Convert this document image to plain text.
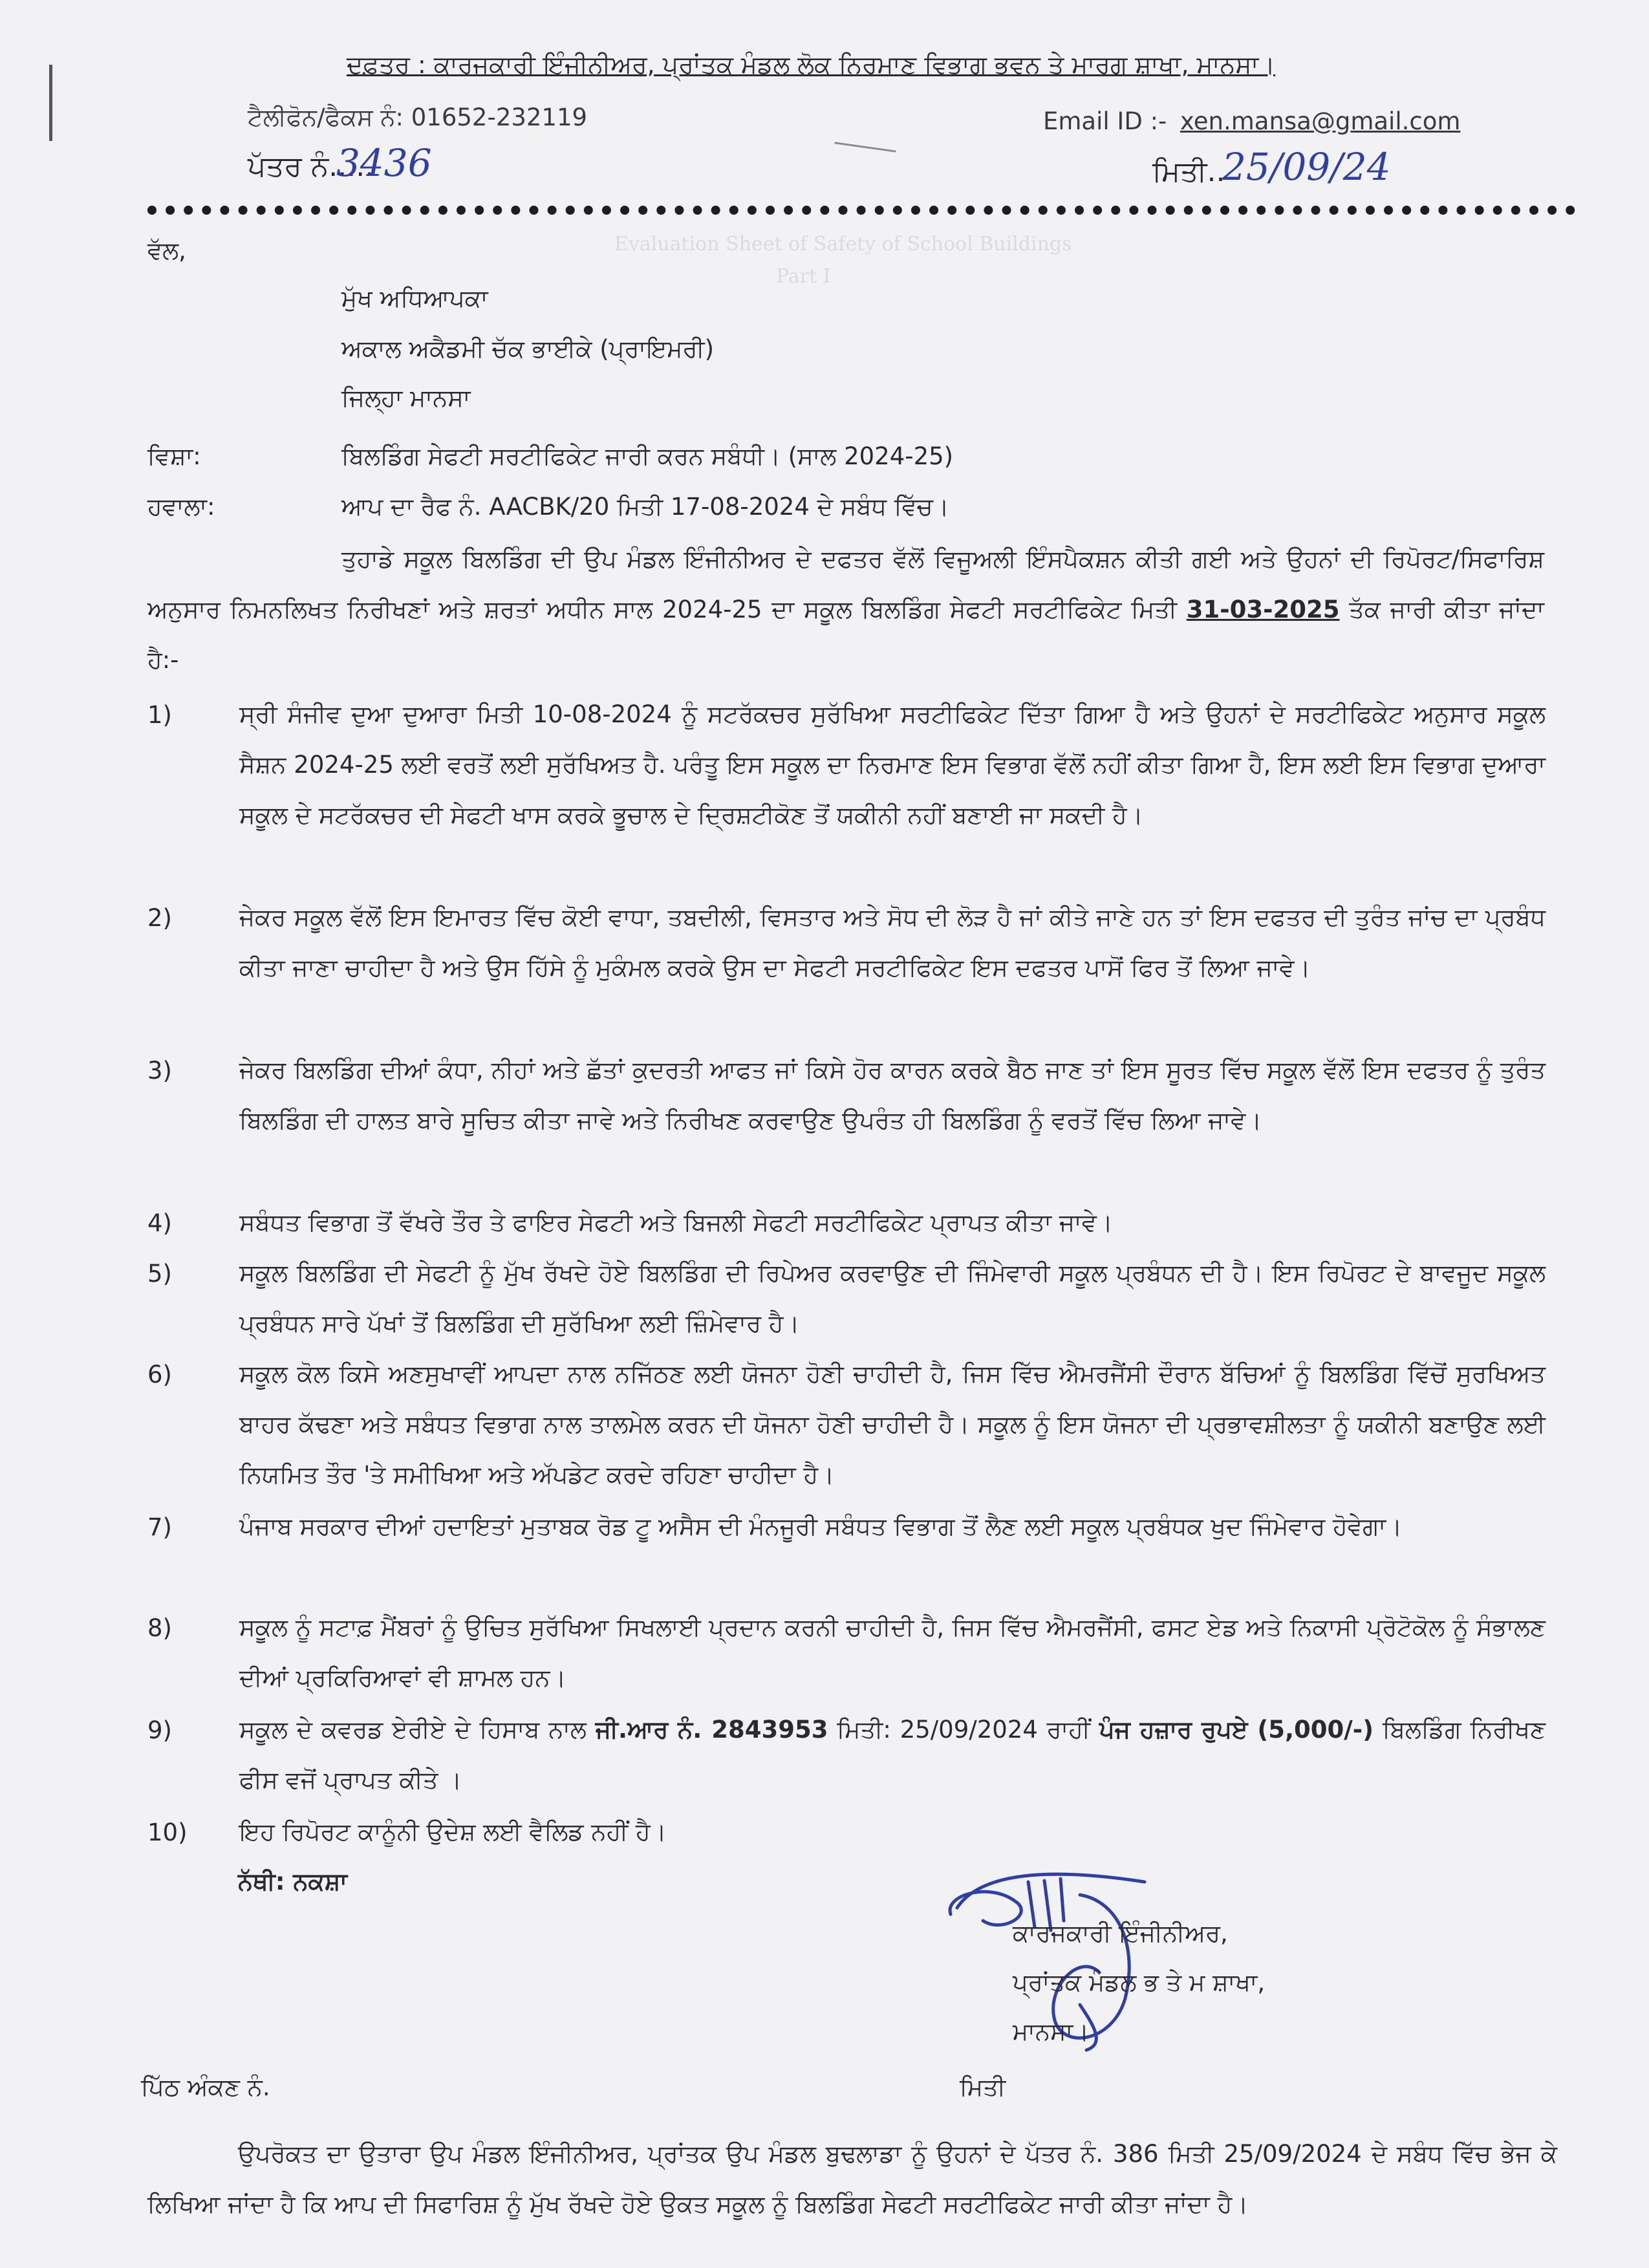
Evaluation Sheet of Safety of School Buildings
Part I
ਦਫ਼ਤਰ : ਕਾਰਜਕਾਰੀ ਇੰਜੀਨੀਅਰ, ਪ੍ਰਾਂਤਕ ਮੰਡਲ ਲੋਕ ਨਿਰਮਾਣ ਵਿਭਾਗ ਭਵਨ ਤੇ ਮਾਰਗ ਸ਼ਾਖਾ, ਮਾਨਸਾ।
ਟੈਲੀਫੋਨ/ਫੈਕਸ ਨੰ: 01652-232119	Email ID :- xen.mansa@gmail.com
ਪੱਤਰ ਨੰ.....
3436	ਮਿਤੀ..
25/09/24
ਵੱਲ,
ਮੁੱਖ ਅਧਿਆਪਕਾ
ਅਕਾਲ ਅਕੈਡਮੀ ਚੱਕ ਭਾਈਕੇ (ਪ੍ਰਾਇਮਰੀ)
ਜਿਲ੍ਹਾ ਮਾਨਸਾ
ਵਿਸ਼ਾ:	ਬਿਲਡਿੰਗ ਸੇਫਟੀ ਸਰਟੀਫਿਕੇਟ ਜਾਰੀ ਕਰਨ ਸਬੰਧੀ। (ਸਾਲ 2024-25)
ਹਵਾਲਾ:	ਆਪ ਦਾ ਰੈਫ ਨੰ. AACBK/20 ਮਿਤੀ 17-08-2024 ਦੇ ਸਬੰਧ ਵਿੱਚ।
ਤੁਹਾਡੇ ਸਕੂਲ ਬਿਲਡਿੰਗ ਦੀ ਉਪ ਮੰਡਲ ਇੰਜੀਨੀਅਰ ਦੇ ਦਫਤਰ ਵੱਲੋਂ ਵਿਜੂਅਲੀ ਇੰਸਪੈਕਸ਼ਨ ਕੀਤੀ ਗਈ ਅਤੇ ਉਹਨਾਂ ਦੀ ਰਿਪੋਰਟ/ਸਿਫਾਰਿਸ਼ ਅਨੁਸਾਰ ਨਿਮਨਲਿਖਤ ਨਿਰੀਖਣਾਂ ਅਤੇ ਸ਼ਰਤਾਂ ਅਧੀਨ ਸਾਲ 2024-25 ਦਾ ਸਕੂਲ ਬਿਲਡਿੰਗ ਸੇਫਟੀ ਸਰਟੀਫਿਕੇਟ ਮਿਤੀ 31-03-2025 ਤੱਕ ਜਾਰੀ ਕੀਤਾ ਜਾਂਦਾ ਹੈ:-
1)	ਸ੍ਰੀ ਸੰਜੀਵ ਦੁਆ ਦੁਆਰਾ ਮਿਤੀ 10-08-2024 ਨੂੰ ਸਟਰੱਕਚਰ ਸੁਰੱਖਿਆ ਸਰਟੀਫਿਕੇਟ ਦਿੱਤਾ ਗਿਆ ਹੈ ਅਤੇ ਉਹਨਾਂ ਦੇ ਸਰਟੀਫਿਕੇਟ ਅਨੁਸਾਰ ਸਕੂਲ ਸੈਸ਼ਨ 2024-25 ਲਈ ਵਰਤੋਂ ਲਈ ਸੁਰੱਖਿਅਤ ਹੈ. ਪਰੰਤੂ ਇਸ ਸਕੂਲ ਦਾ ਨਿਰਮਾਣ ਇਸ ਵਿਭਾਗ ਵੱਲੋਂ ਨਹੀਂ ਕੀਤਾ ਗਿਆ ਹੈ, ਇਸ ਲਈ ਇਸ ਵਿਭਾਗ ਦੁਆਰਾ ਸਕੂਲ ਦੇ ਸਟਰੱਕਚਰ ਦੀ ਸੇਫਟੀ ਖਾਸ ਕਰਕੇ ਭੂਚਾਲ ਦੇ ਦ੍ਰਿਸ਼ਟੀਕੋਣ ਤੋਂ ਯਕੀਨੀ ਨਹੀਂ ਬਣਾਈ ਜਾ ਸਕਦੀ ਹੈ।
2)	ਜੇਕਰ ਸਕੂਲ ਵੱਲੋਂ ਇਸ ਇਮਾਰਤ ਵਿੱਚ ਕੋਈ ਵਾਧਾ, ਤਬਦੀਲੀ, ਵਿਸਤਾਰ ਅਤੇ ਸੋਧ ਦੀ ਲੋੜ ਹੈ ਜਾਂ ਕੀਤੇ ਜਾਣੇ ਹਨ ਤਾਂ ਇਸ ਦਫਤਰ ਦੀ ਤੁਰੰਤ ਜਾਂਚ ਦਾ ਪ੍ਰਬੰਧ ਕੀਤਾ ਜਾਣਾ ਚਾਹੀਦਾ ਹੈ ਅਤੇ ਉਸ ਹਿੱਸੇ ਨੂੰ ਮੁਕੰਮਲ ਕਰਕੇ ਉਸ ਦਾ ਸੇਫਟੀ ਸਰਟੀਫਿਕੇਟ ਇਸ ਦਫਤਰ ਪਾਸੋਂ ਫਿਰ ਤੋਂ ਲਿਆ ਜਾਵੇ।
3)	ਜੇਕਰ ਬਿਲਡਿੰਗ ਦੀਆਂ ਕੰਧਾ, ਨੀਹਾਂ ਅਤੇ ਛੱਤਾਂ ਕੁਦਰਤੀ ਆਫਤ ਜਾਂ ਕਿਸੇ ਹੋਰ ਕਾਰਨ ਕਰਕੇ ਬੈਠ ਜਾਣ ਤਾਂ ਇਸ ਸੂਰਤ ਵਿੱਚ ਸਕੂਲ ਵੱਲੋਂ ਇਸ ਦਫਤਰ ਨੂੰ ਤੁਰੰਤ ਬਿਲਡਿੰਗ ਦੀ ਹਾਲਤ ਬਾਰੇ ਸੂਚਿਤ ਕੀਤਾ ਜਾਵੇ ਅਤੇ ਨਿਰੀਖਣ ਕਰਵਾਉਣ ਉਪਰੰਤ ਹੀ ਬਿਲਡਿੰਗ ਨੂੰ ਵਰਤੋਂ ਵਿੱਚ ਲਿਆ ਜਾਵੇ।
4)	ਸਬੰਧਤ ਵਿਭਾਗ ਤੋਂ ਵੱਖਰੇ ਤੌਰ ਤੇ ਫਾਇਰ ਸੇਫਟੀ ਅਤੇ ਬਿਜਲੀ ਸੇਫਟੀ ਸਰਟੀਫਿਕੇਟ ਪ੍ਰਾਪਤ ਕੀਤਾ ਜਾਵੇ।
5)	ਸਕੂਲ ਬਿਲਡਿੰਗ ਦੀ ਸੇਫਟੀ ਨੂੰ ਮੁੱਖ ਰੱਖਦੇ ਹੋਏ ਬਿਲਡਿੰਗ ਦੀ ਰਿਪੇਅਰ ਕਰਵਾਉਣ ਦੀ ਜਿੰਮੇਵਾਰੀ ਸਕੂਲ ਪ੍ਰਬੰਧਨ ਦੀ ਹੈ। ਇਸ ਰਿਪੋਰਟ ਦੇ ਬਾਵਜੂਦ ਸਕੂਲ ਪ੍ਰਬੰਧਨ ਸਾਰੇ ਪੱਖਾਂ ਤੋਂ ਬਿਲਡਿੰਗ ਦੀ ਸੁਰੱਖਿਆ ਲਈ ਜ਼ਿੰਮੇਵਾਰ ਹੈ।
6)	ਸਕੂਲ ਕੋਲ ਕਿਸੇ ਅਣਸੁਖਾਵੀਂ ਆਪਦਾ ਨਾਲ ਨਜਿੱਠਣ ਲਈ ਯੋਜਨਾ ਹੋਣੀ ਚਾਹੀਦੀ ਹੈ, ਜਿਸ ਵਿੱਚ ਐਮਰਜੈਂਸੀ ਦੌਰਾਨ ਬੱਚਿਆਂ ਨੂੰ ਬਿਲਡਿੰਗ ਵਿੱਚੋਂ ਸੁਰਖਿਅਤ ਬਾਹਰ ਕੱਢਣਾ ਅਤੇ ਸਬੰਧਤ ਵਿਭਾਗ ਨਾਲ ਤਾਲਮੇਲ ਕਰਨ ਦੀ ਯੋਜਨਾ ਹੋਣੀ ਚਾਹੀਦੀ ਹੈ। ਸਕੂਲ ਨੂੰ ਇਸ ਯੋਜਨਾ ਦੀ ਪ੍ਰਭਾਵਸ਼ੀਲਤਾ ਨੂੰ ਯਕੀਨੀ ਬਣਾਉਣ ਲਈ ਨਿਯਮਿਤ ਤੌਰ 'ਤੇ ਸਮੀਖਿਆ ਅਤੇ ਅੱਪਡੇਟ ਕਰਦੇ ਰਹਿਣਾ ਚਾਹੀਦਾ ਹੈ।
7)	ਪੰਜਾਬ ਸਰਕਾਰ ਦੀਆਂ ਹਦਾਇਤਾਂ ਮੁਤਾਬਕ ਰੋਡ ਟੂ ਅਸੈਸ ਦੀ ਮੰਨਜੂਰੀ ਸਬੰਧਤ ਵਿਭਾਗ ਤੋਂ ਲੈਣ ਲਈ ਸਕੂਲ ਪ੍ਰਬੰਧਕ ਖੁਦ ਜਿੰਮੇਵਾਰ ਹੋਵੇਗਾ।
8)	ਸਕੂਲ ਨੂੰ ਸਟਾਫ਼ ਮੈਂਬਰਾਂ ਨੂੰ ਉਚਿਤ ਸੁਰੱਖਿਆ ਸਿਖਲਾਈ ਪ੍ਰਦਾਨ ਕਰਨੀ ਚਾਹੀਦੀ ਹੈ, ਜਿਸ ਵਿੱਚ ਐਮਰਜੈਂਸੀ, ਫਸਟ ਏਡ ਅਤੇ ਨਿਕਾਸੀ ਪ੍ਰੋਟੋਕੋਲ ਨੂੰ ਸੰਭਾਲਣ ਦੀਆਂ ਪ੍ਰਕਿਰਿਆਵਾਂ ਵੀ ਸ਼ਾਮਲ ਹਨ।
9)	ਸਕੂਲ ਦੇ ਕਵਰਡ ਏਰੀਏ ਦੇ ਹਿਸਾਬ ਨਾਲ ਜੀ.ਆਰ ਨੰ. 2843953 ਮਿਤੀ: 25/09/2024 ਰਾਹੀਂ ਪੰਜ ਹਜ਼ਾਰ ਰੁਪਏ (5,000/-) ਬਿਲਡਿੰਗ ਨਿਰੀਖਣ ਫੀਸ ਵਜੋਂ ਪ੍ਰਾਪਤ ਕੀਤੇ ।
10) ਇਹ ਰਿਪੋਰਟ ਕਾਨੂੰਨੀ ਉਦੇਸ਼ ਲਈ ਵੈਲਿਡ ਨਹੀਂ ਹੈ।
ਨੱਥੀ: ਨਕਸ਼ਾ
ਕਾਰਜਕਾਰੀ ਇੰਜੀਨੀਅਰ,
ਪ੍ਰਾਂਤਕ ਮੰਡਲ ਭ ਤੇ ਮ ਸ਼ਾਖਾ,
ਮਾਨਸਾ।
ਪਿੱਠ ਅੰਕਣ ਨੰ.	ਮਿਤੀ
ਉਪਰੋਕਤ ਦਾ ਉਤਾਰਾ ਉਪ ਮੰਡਲ ਇੰਜੀਨੀਅਰ, ਪ੍ਰਾਂਤਕ ਉਪ ਮੰਡਲ ਬੁਢਲਾਡਾ ਨੂੰ ਉਹਨਾਂ ਦੇ ਪੱਤਰ ਨੰ. 386 ਮਿਤੀ 25/09/2024 ਦੇ ਸਬੰਧ ਵਿੱਚ ਭੇਜ ਕੇ ਲਿਖਿਆ ਜਾਂਦਾ ਹੈ ਕਿ ਆਪ ਦੀ ਸਿਫਾਰਿਸ਼ ਨੂੰ ਮੁੱਖ ਰੱਖਦੇ ਹੋਏ ਉਕਤ ਸਕੂਲ ਨੂੰ ਬਿਲਡਿੰਗ ਸੇਫਟੀ ਸਰਟੀਫਿਕੇਟ ਜਾਰੀ ਕੀਤਾ ਜਾਂਦਾ ਹੈ।
